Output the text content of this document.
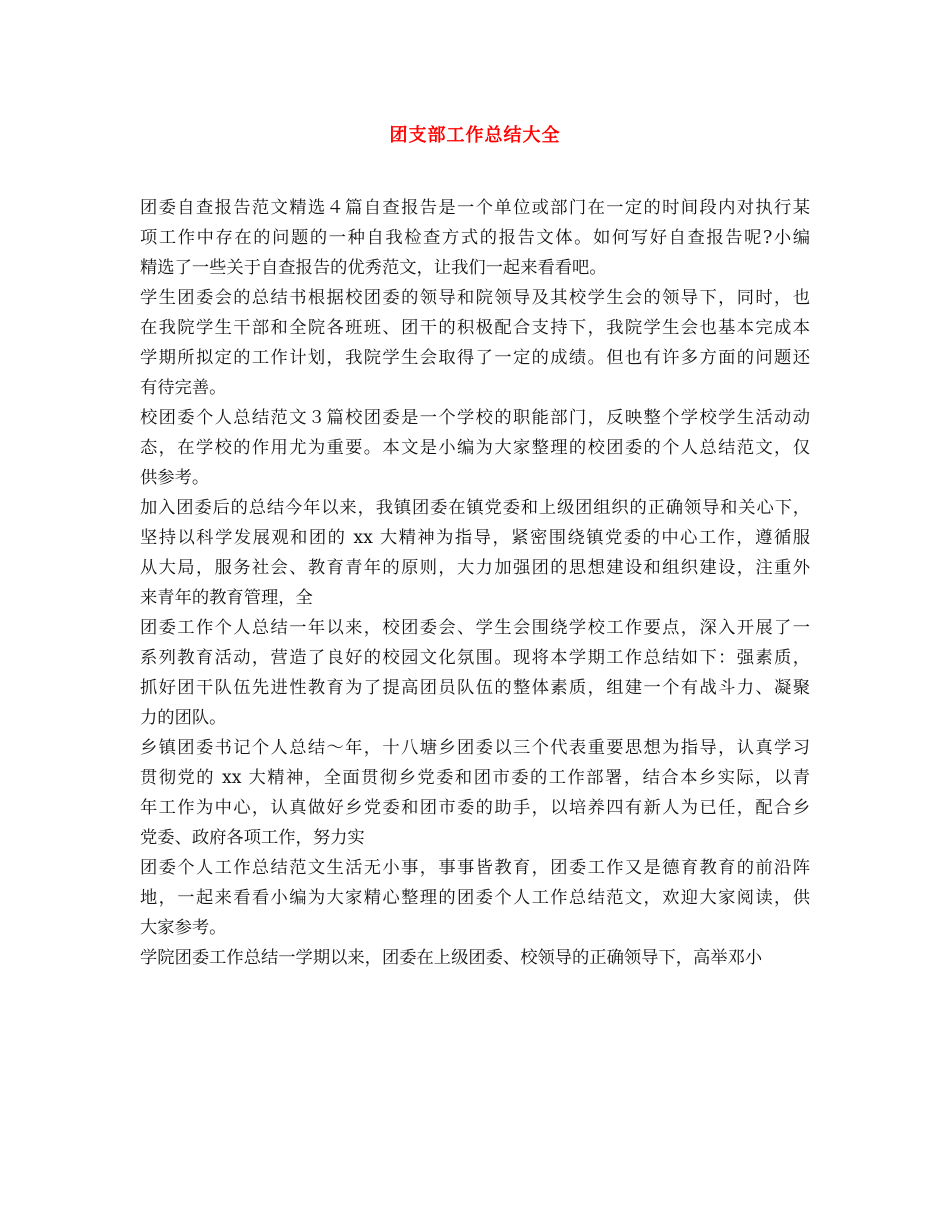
团支部工作总结大全
团委自查报告范文精选４篇自查报告是一个单位或部门在一定的时间段内对执行某
项工作中存在的问题的一种自我检查方式的报告文体。如何写好自查报告呢?小编
精选了一些关于自查报告的优秀范文，让我们一起来看看吧。
学生团委会的总结书根据校团委的领导和院领导及其校学生会的领导下，同时，也
在我院学生干部和全院各班班、团干的积极配合支持下，我院学生会也基本完成本
学期所拟定的工作计划，我院学生会取得了一定的成绩。但也有许多方面的问题还
有待完善。
校团委个人总结范文３篇校团委是一个学校的职能部门，反映整个学校学生活动动
态，在学校的作用尤为重要。本文是小编为大家整理的校团委的个人总结范文，仅
供参考。
加入团委后的总结今年以来，我镇团委在镇党委和上级团组织的正确领导和关心下，
坚持以科学发展观和团的 xx 大精神为指导，紧密围绕镇党委的中心工作，遵循服
从大局，服务社会、教育青年的原则，大力加强团的思想建设和组织建设，注重外
来青年的教育管理，全
团委工作个人总结一年以来，校团委会、学生会围绕学校工作要点，深入开展了一
系列教育活动，营造了良好的校园文化氛围。现将本学期工作总结如下：强素质，
抓好团干队伍先进性教育为了提高团员队伍的整体素质，组建一个有战斗力、凝聚
力的团队。
乡镇团委书记个人总结～年，十八塘乡团委以三个代表重要思想为指导，认真学习
贯彻党的 xx 大精神，全面贯彻乡党委和团市委的工作部署，结合本乡实际，以青
年工作为中心，认真做好乡党委和团市委的助手，以培养四有新人为已任，配合乡
党委、政府各项工作，努力实
团委个人工作总结范文生活无小事，事事皆教育，团委工作又是德育教育的前沿阵
地，一起来看看小编为大家精心整理的团委个人工作总结范文，欢迎大家阅读，供
大家参考。
学院团委工作总结一学期以来，团委在上级团委、校领导的正确领导下，高举邓小
